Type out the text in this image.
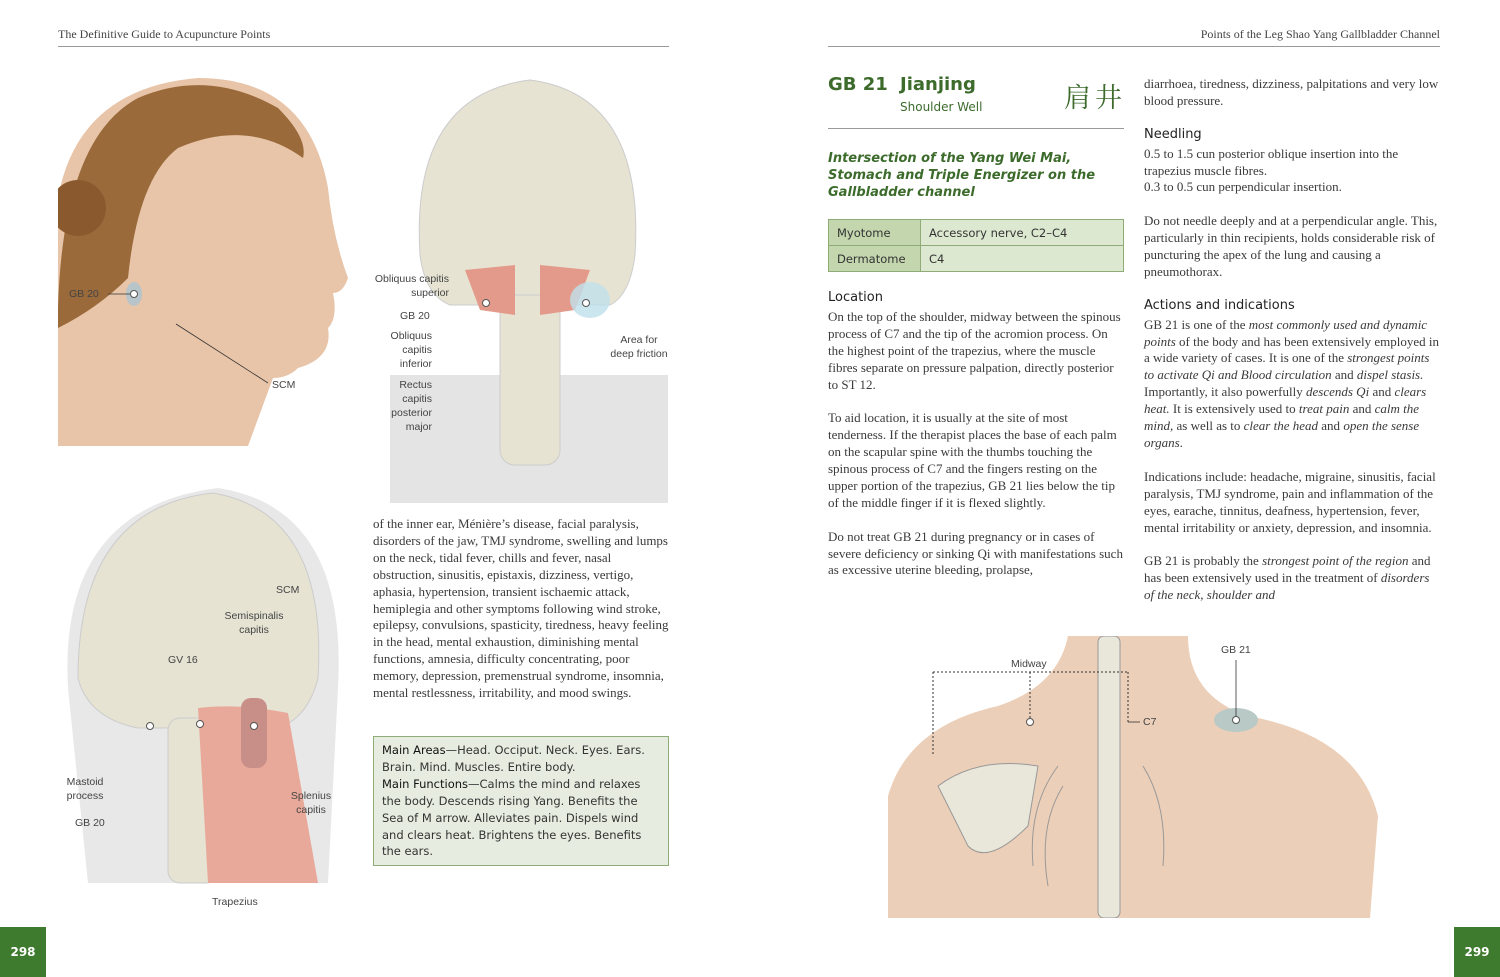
The Definitive Guide to Acupuncture Points
GB 20
SCM
Obliquus capitis superior
GB 20
Obliquus capitis inferior
Rectus capitis posterior major
Area for deep friction
SCM
Semispinalis capitis
GV 16
Mastoid process
GB 20
Splenius capitis
Trapezius
of the inner ear, Ménière’s disease, facial paralysis, disorders of the jaw, TMJ syndrome, swelling and lumps on the neck, tidal fever, chills and fever, nasal obstruction, sinusitis, epistaxis, dizziness, vertigo, aphasia, hypertension, transient ischaemic attack, hemiplegia and other symptoms following wind stroke, epilepsy, convulsions, spasticity, tiredness, heavy feeling in the head, mental exhaustion, diminishing mental functions, amnesia, difficulty concentrating, poor memory, depression, premenstrual syndrome, insomnia, mental restlessness, irritability, and mood swings.
Main Areas—Head. Occiput. Neck. Eyes. Ears. Brain. Mind. Muscles. Entire body.
Main Functions—Calms the mind and relaxes the body. Descends rising Yang. Benefits the Sea of M arrow. Alleviates pain. Dispels wind and clears heat. Brightens the eyes. Benefits the ears.
298
Points of the Leg Shao Yang Gallbladder Channel
GB 21 Jianjing
Shoulder Well	肩井
Intersection of the Yang Wei Mai, Stomach and Triple Energizer on the Gallbladder channel
Myotome	Accessory nerve, C2–C4
Dermatome	C4
Location

On the top of the shoulder, midway between the spinous process of C7 and the tip of the acromion process. On the highest point of the trapezius, where the muscle fibres separate on pressure palpation, directly posterior to ST 12.

To aid location, it is usually at the site of most tenderness. If the therapist places the base of each palm on the scapular spine with the thumbs touching the spinous process of C7 and the fingers resting on the upper portion of the trapezius, GB 21 lies below the tip of the middle finger if it is flexed slightly.

Do not treat GB 21 during pregnancy or in cases of severe deficiency or sinking Qi with manifestations such as excessive uterine bleeding, prolapse,

diarrhoea, tiredness, dizziness, palpitations and very low blood pressure.

Needling
0.5 to 1.5 cun posterior oblique insertion into the trapezius muscle fibres.

0.3 to 0.5 cun perpendicular insertion.

Do not needle deeply and at a perpendicular angle. This, particularly in thin recipients, holds considerable risk of puncturing the apex of the lung and causing a pneumothorax.

Actions and indications

GB 21 is one of the most commonly used and dynamic points of the body and has been extensively employed in a wide variety of cases. It is one of the strongest points to activate Qi and Blood circulation and dispel stasis. Importantly, it also powerfully descends Qi and clears heat. It is extensively used to treat pain and calm the mind, as well as to clear the head and open the sense organs.

Indications include: headache, migraine, sinusitis, facial paralysis, TMJ syndrome, pain and inflammation of the eyes, earache, tinnitus, deafness, hypertension, fever, mental irritability or anxiety, depression, and insomnia.

GB 21 is probably the strongest point of the region and has been extensively used in the treatment of disorders of the neck, shoulder and

Midway
C7
GB 21
299
